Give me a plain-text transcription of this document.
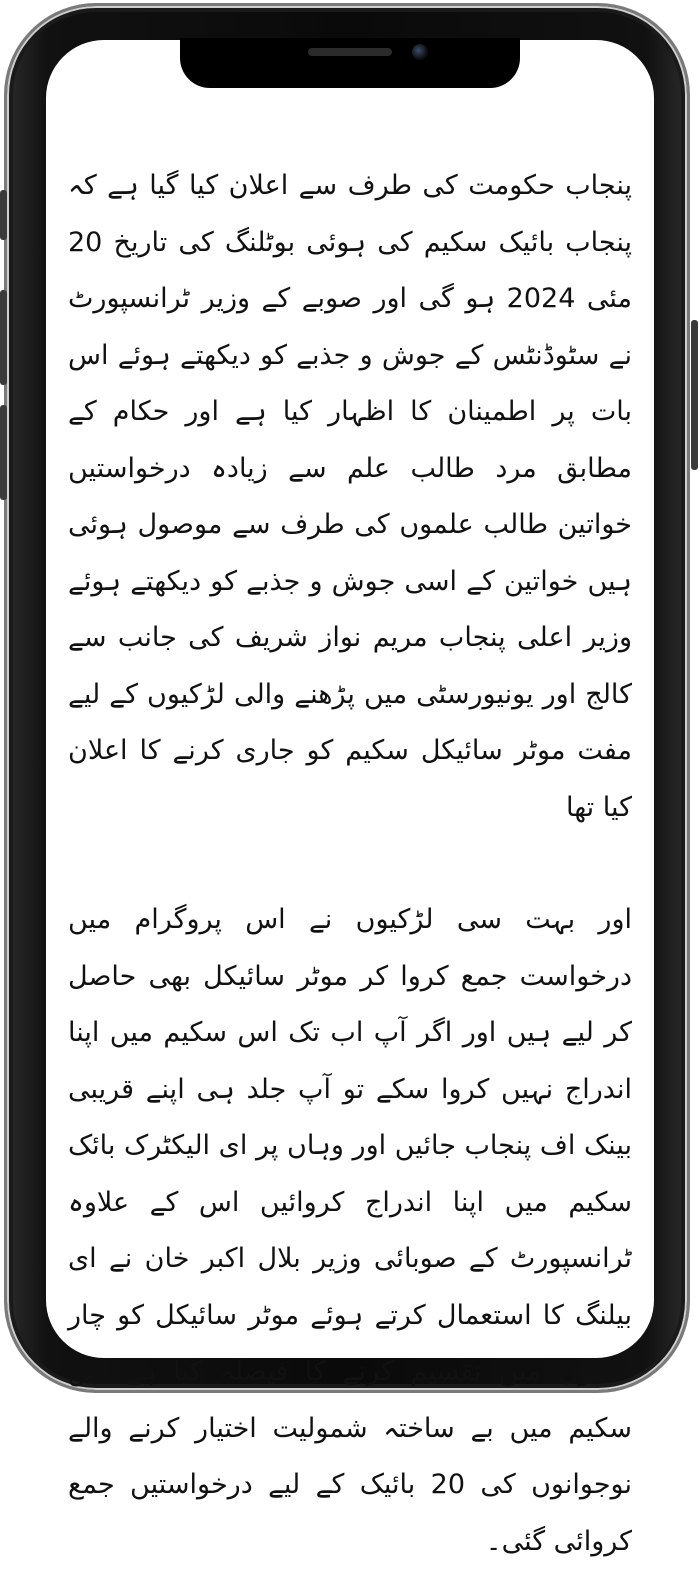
پنجاب حکومت کی طرف سے اعلان کیا گیا ہے کہ پنجاب بائیک سکیم کی ہوئی بوٹلنگ کی تاریخ 20 مئی 2024 ہو گی اور صوبے کے وزیر ٹرانسپورٹ نے سٹوڈنٹس کے جوش و جذبے کو دیکھتے ہوئے اس بات پر اطمینان کا اظہار کیا ہے اور حکام کے مطابق مرد طالب علم سے زیادہ درخواستیں خواتین طالب علموں کی طرف سے موصول ہوئی ہیں خواتین کے اسی جوش و جذبے کو دیکھتے ہوئے وزیر اعلی پنجاب مریم نواز شریف کی جانب سے کالج اور یونیورسٹی میں پڑھنے والی لڑکیوں کے لیے مفت موٹر سائیکل سکیم کو جاری کرنے کا اعلان کیا تھا

اور بہت سی لڑکیوں نے اس پروگرام میں درخواست جمع کروا کر موٹر سائیکل بھی حاصل کر لیے ہیں اور اگر آپ اب تک اس سکیم میں اپنا اندراج نہیں کروا سکے تو آپ جلد ہی اپنے قریبی بینک اف پنجاب جائیں اور وہاں پر ای الیکٹرک بائک سکیم میں اپنا اندراج کروائیں اس کے علاوہ ٹرانسپورٹ کے صوبائی وزیر بلال اکبر خان نے ای بیلنگ کا استعمال کرتے ہوئے موٹر سائیکل کو چار حصوں میں تقسیم کرنے کا فیصلہ کیا ہے اس سکیم میں بے ساختہ شمولیت اختیار کرنے والے نوجوانوں کی 20 بائیک کے لیے درخواستیں جمع کروائی گئی۔
